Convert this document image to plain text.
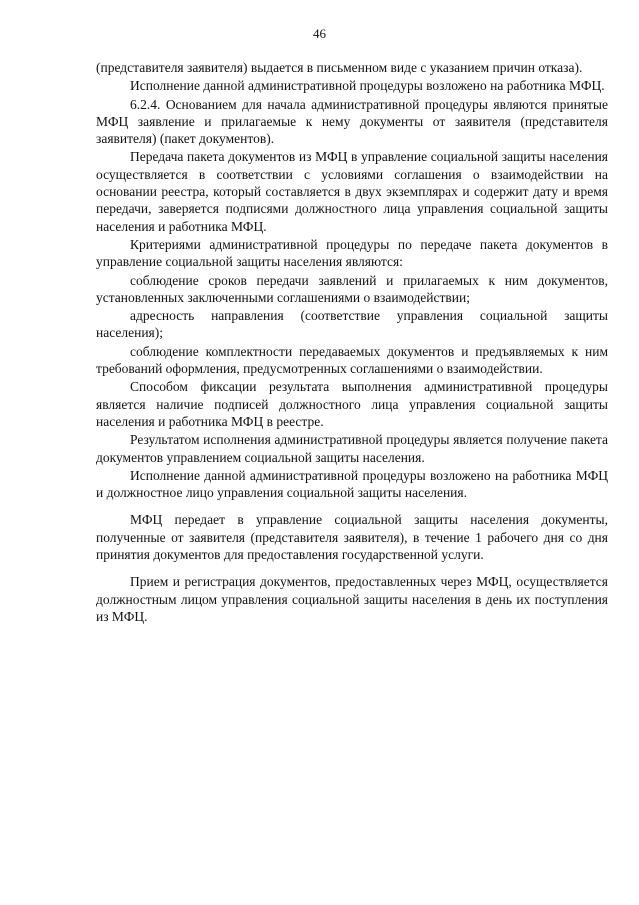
46

(представителя заявителя) выдается в письменном виде с указанием причин отказа).

Исполнение данной административной процедуры возложено на работника МФЦ.

6.2.4. Основанием для начала административной процедуры являются принятые МФЦ заявление и прилагаемые к нему документы от заявителя (представителя заявителя) (пакет документов).

Передача пакета документов из МФЦ в управление социальной защиты населения осуществляется в соответствии с условиями соглашения о взаимодействии на основании реестра, который составляется в двух экземплярах и содержит дату и время передачи, заверяется подписями должностного лица управления социальной защиты населения и работника МФЦ.

Критериями административной процедуры по передаче пакета документов в управление социальной защиты населения являются:

соблюдение сроков передачи заявлений и прилагаемых к ним документов, установленных заключенными соглашениями о взаимодействии;

адресность направления (соответствие управления социальной защиты населения);

соблюдение комплектности передаваемых документов и предъявляемых к ним требований оформления, предусмотренных соглашениями о взаимодействии.

Способом фиксации результата выполнения административной процедуры является наличие подписей должностного лица управления социальной защиты населения и работника МФЦ в реестре.

Результатом исполнения административной процедуры является получение пакета документов управлением социальной защиты населения.

Исполнение данной административной процедуры возложено на работника МФЦ и должностное лицо управления социальной защиты населения.

МФЦ передает в управление социальной защиты населения документы, полученные от заявителя (представителя заявителя), в течение 1 рабочего дня со дня принятия документов для предоставления государственной услуги.

Прием и регистрация документов, предоставленных через МФЦ, осуществляется должностным лицом управления социальной защиты населения в день их поступления из МФЦ.
